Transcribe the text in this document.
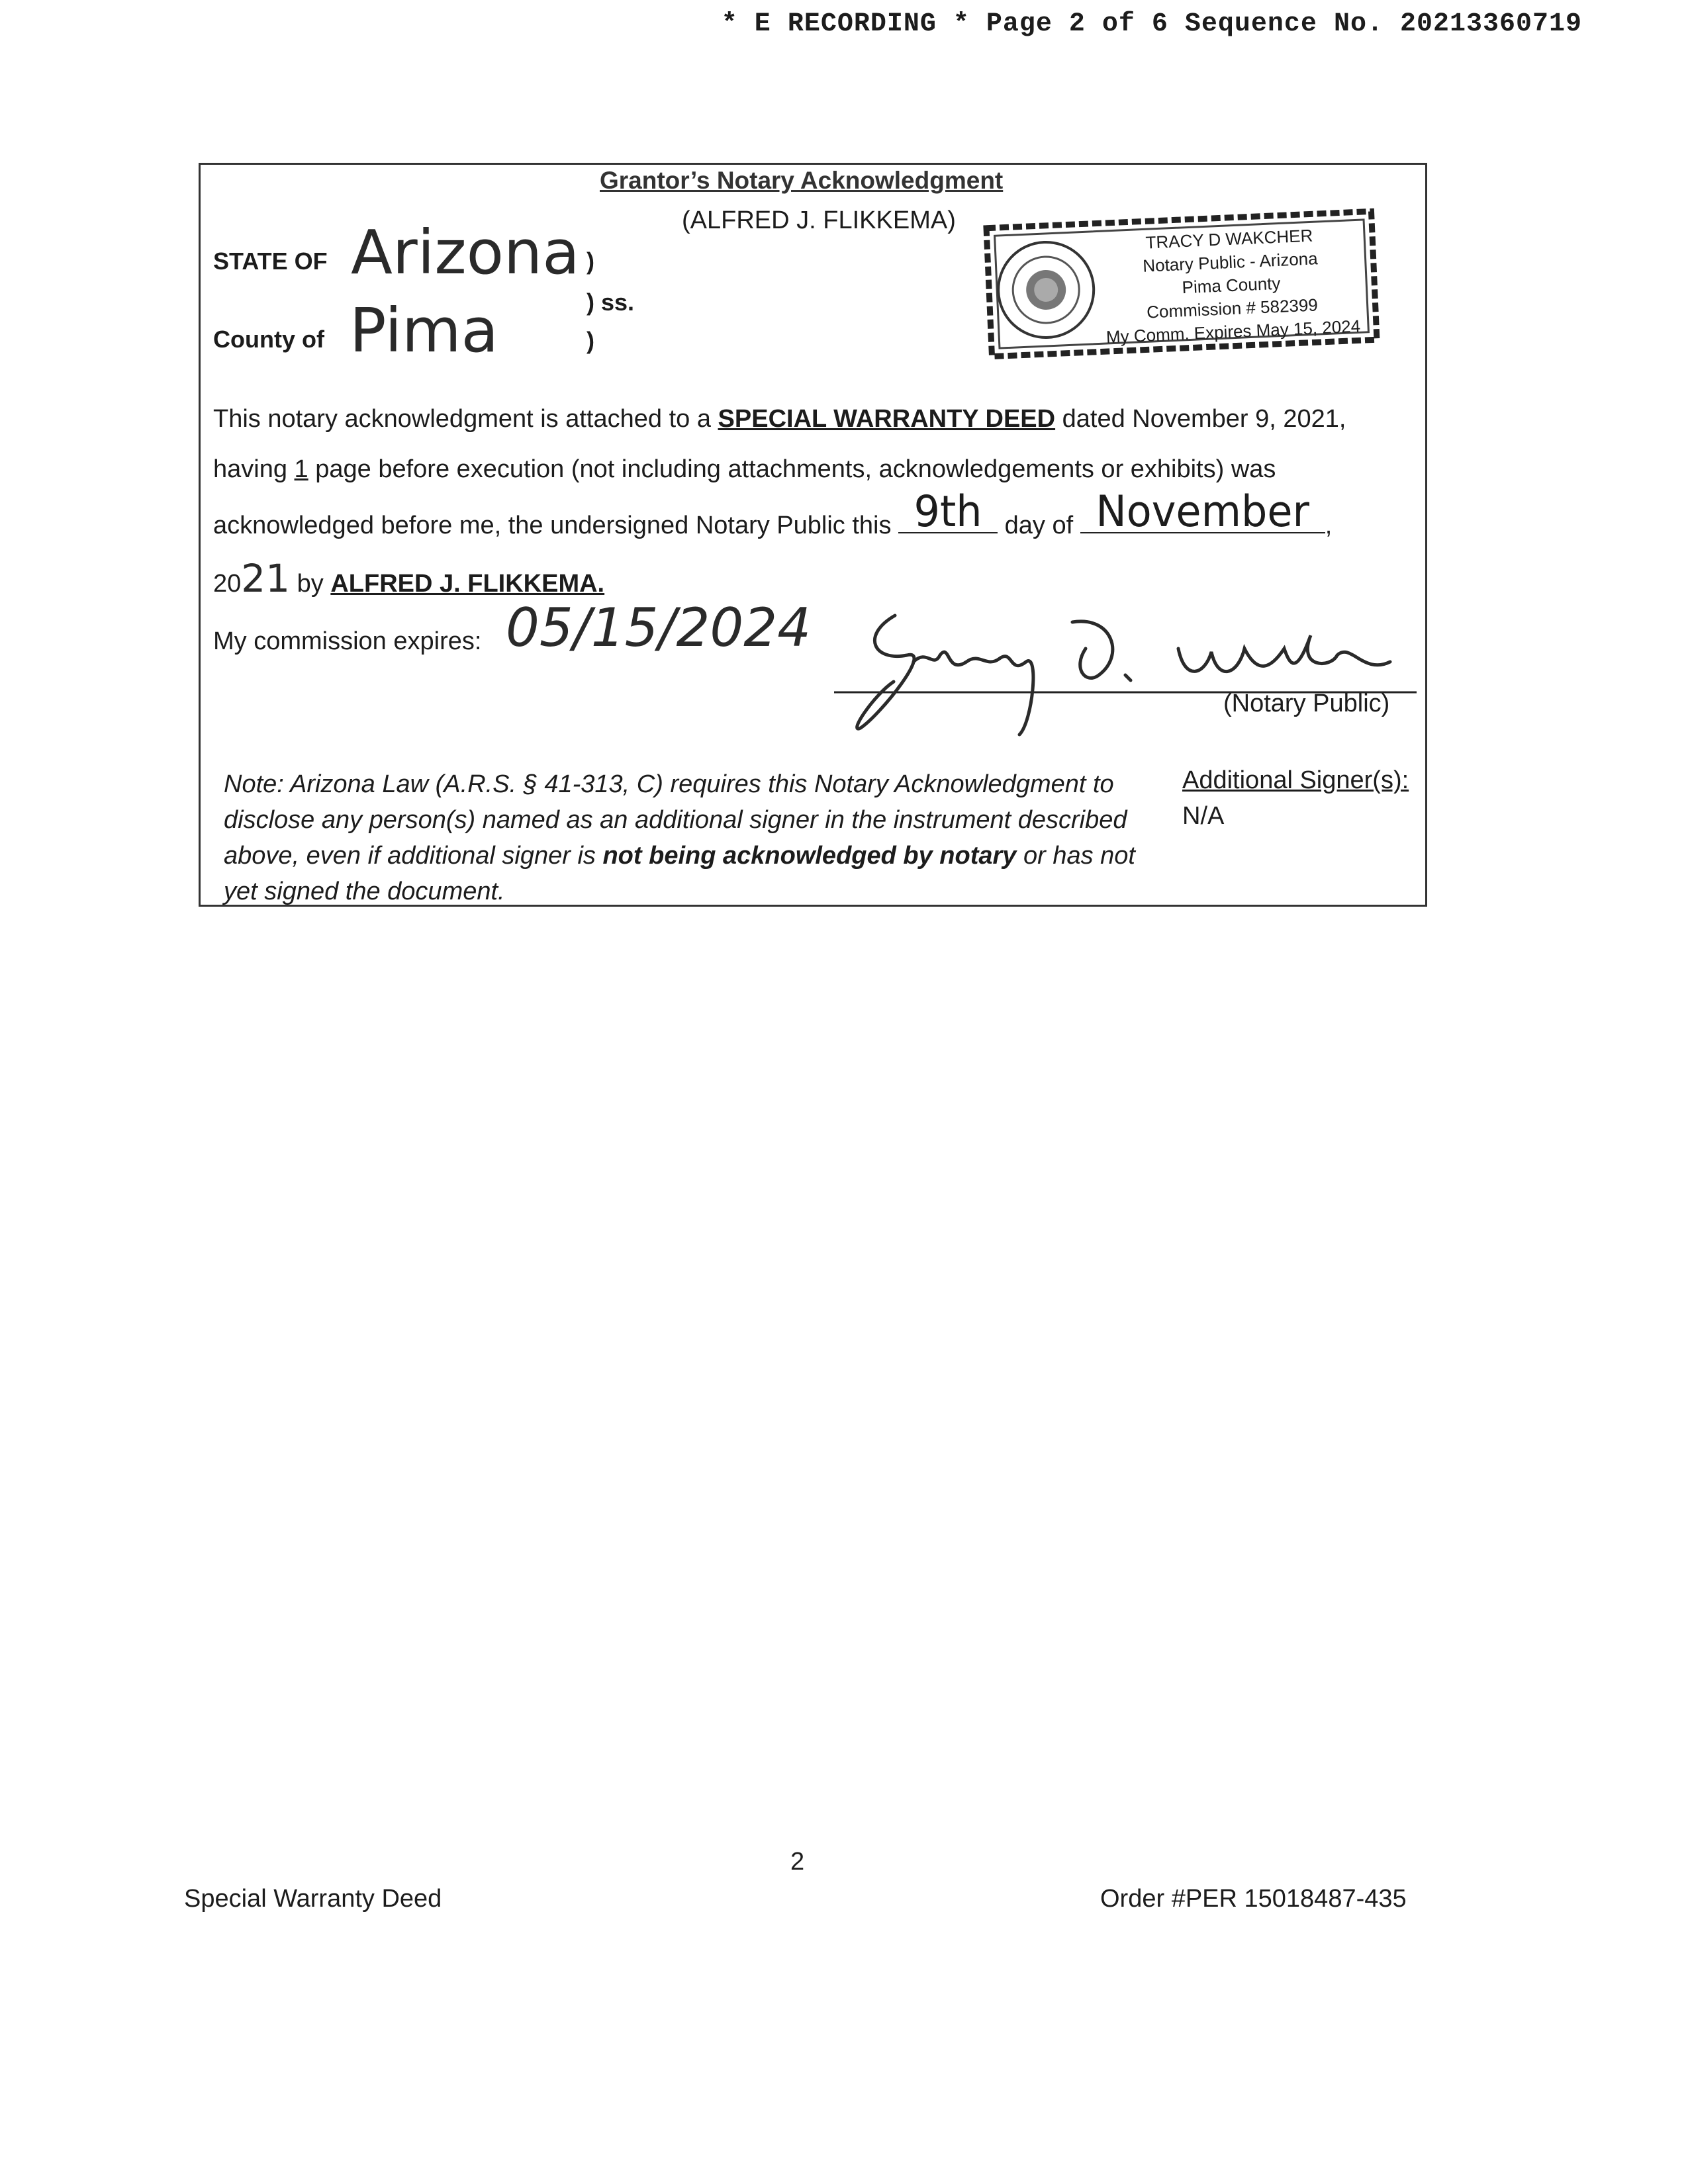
* E RECORDING * Page 2 of 6 Sequence No. 20213360719
Grantor’s Notary Acknowledgment
(ALFRED J. FLIKKEMA)
STATE OF Arizona
County of Pima
)
) ss.
)
TRACY D WAKCHER
Notary Public - Arizona
Pima County
Commission # 582399
My Comm. Expires May 15, 2024
This notary acknowledgment is attached to a SPECIAL WARRANTY DEED dated November 9, 2021,
having 1 page before execution (not including attachments, acknowledgements or exhibits) was
acknowledged before me, the undersigned Notary Public this 9th day of November ,
2021 by ALFRED J. FLIKKEMA.
My commission expires: 05/15/2024
(Notary Public)
Note: Arizona Law (A.R.S. § 41-313, C) requires this Notary Acknowledgment to
disclose any person(s) named as an additional signer in the instrument described
above, even if additional signer is not being acknowledged by notary or has not
yet signed the document.
Additional Signer(s):
N/A
2
Special Warranty Deed	Order #PER 15018487-435
